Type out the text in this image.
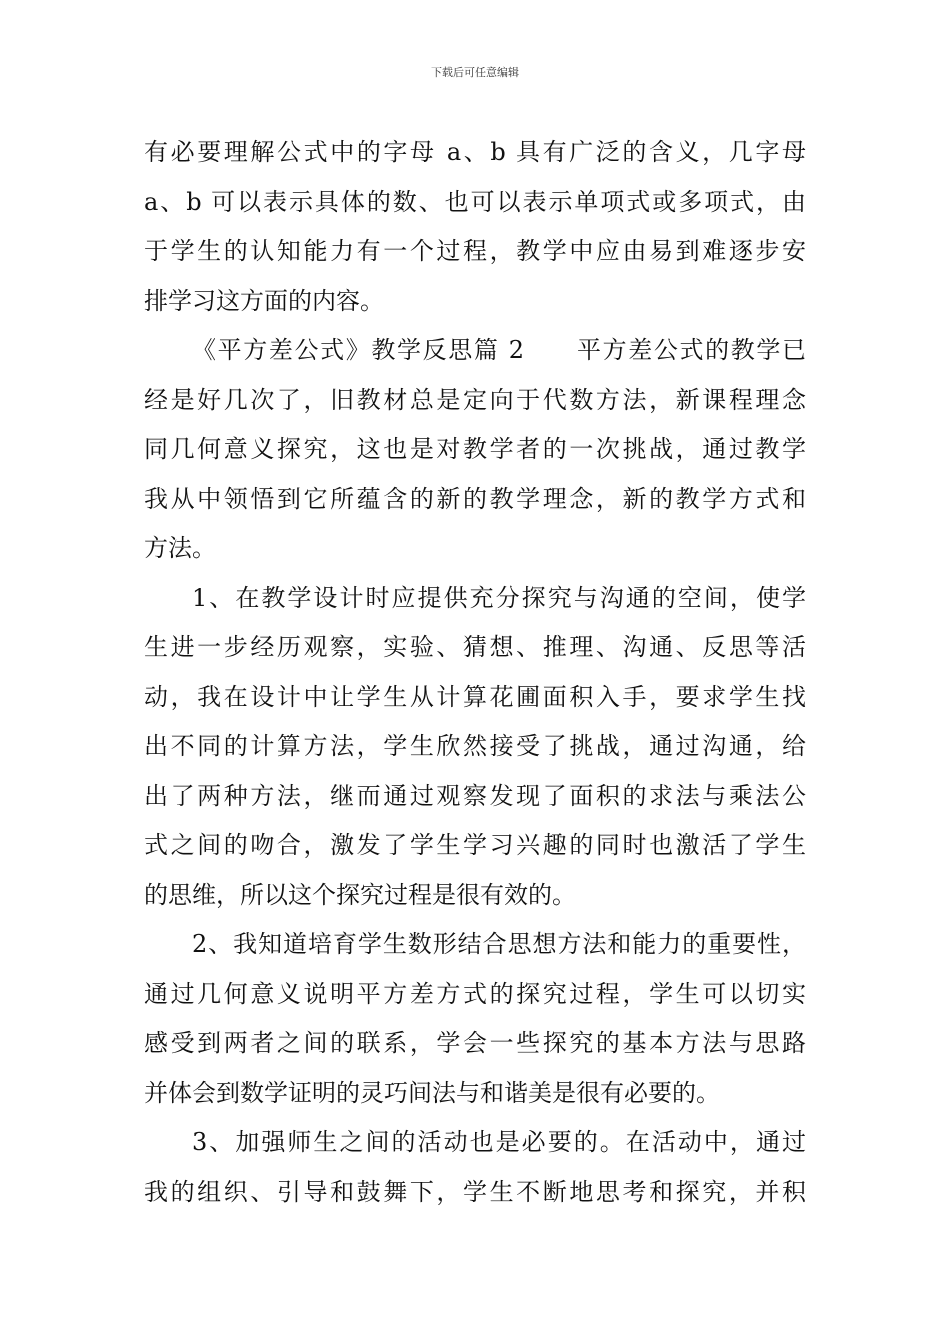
下载后可任意编辑
有必要理解公式中的字母 a、b 具有广泛的含义，几字母
a、b 可以表示具体的数、也可以表示单项式或多项式，由
于学生的认知能力有一个过程，教学中应由易到难逐步安
排学习这方面的内容。
《平方差公式》教学反思篇 2　　平方差公式的教学已
经是好几次了，旧教材总是定向于代数方法，新课程理念
同几何意义探究，这也是对教学者的一次挑战，通过教学
我从中领悟到它所蕴含的新的教学理念，新的教学方式和
方法。
1、在教学设计时应提供充分探究与沟通的空间，使学
生进一步经历观察，实验、猜想、推理、沟通、反思等活
动，我在设计中让学生从计算花圃面积入手，要求学生找
出不同的计算方法，学生欣然接受了挑战，通过沟通，给
出了两种方法，继而通过观察发现了面积的求法与乘法公
式之间的吻合，激发了学生学习兴趣的同时也激活了学生
的思维，所以这个探究过程是很有效的。
2、我知道培育学生数形结合思想方法和能力的重要性，
通过几何意义说明平方差方式的探究过程，学生可以切实
感受到两者之间的联系，学会一些探究的基本方法与思路
并体会到数学证明的灵巧间法与和谐美是很有必要的。
3、加强师生之间的活动也是必要的。在活动中，通过
我的组织、引导和鼓舞下，学生不断地思考和探究，并积
